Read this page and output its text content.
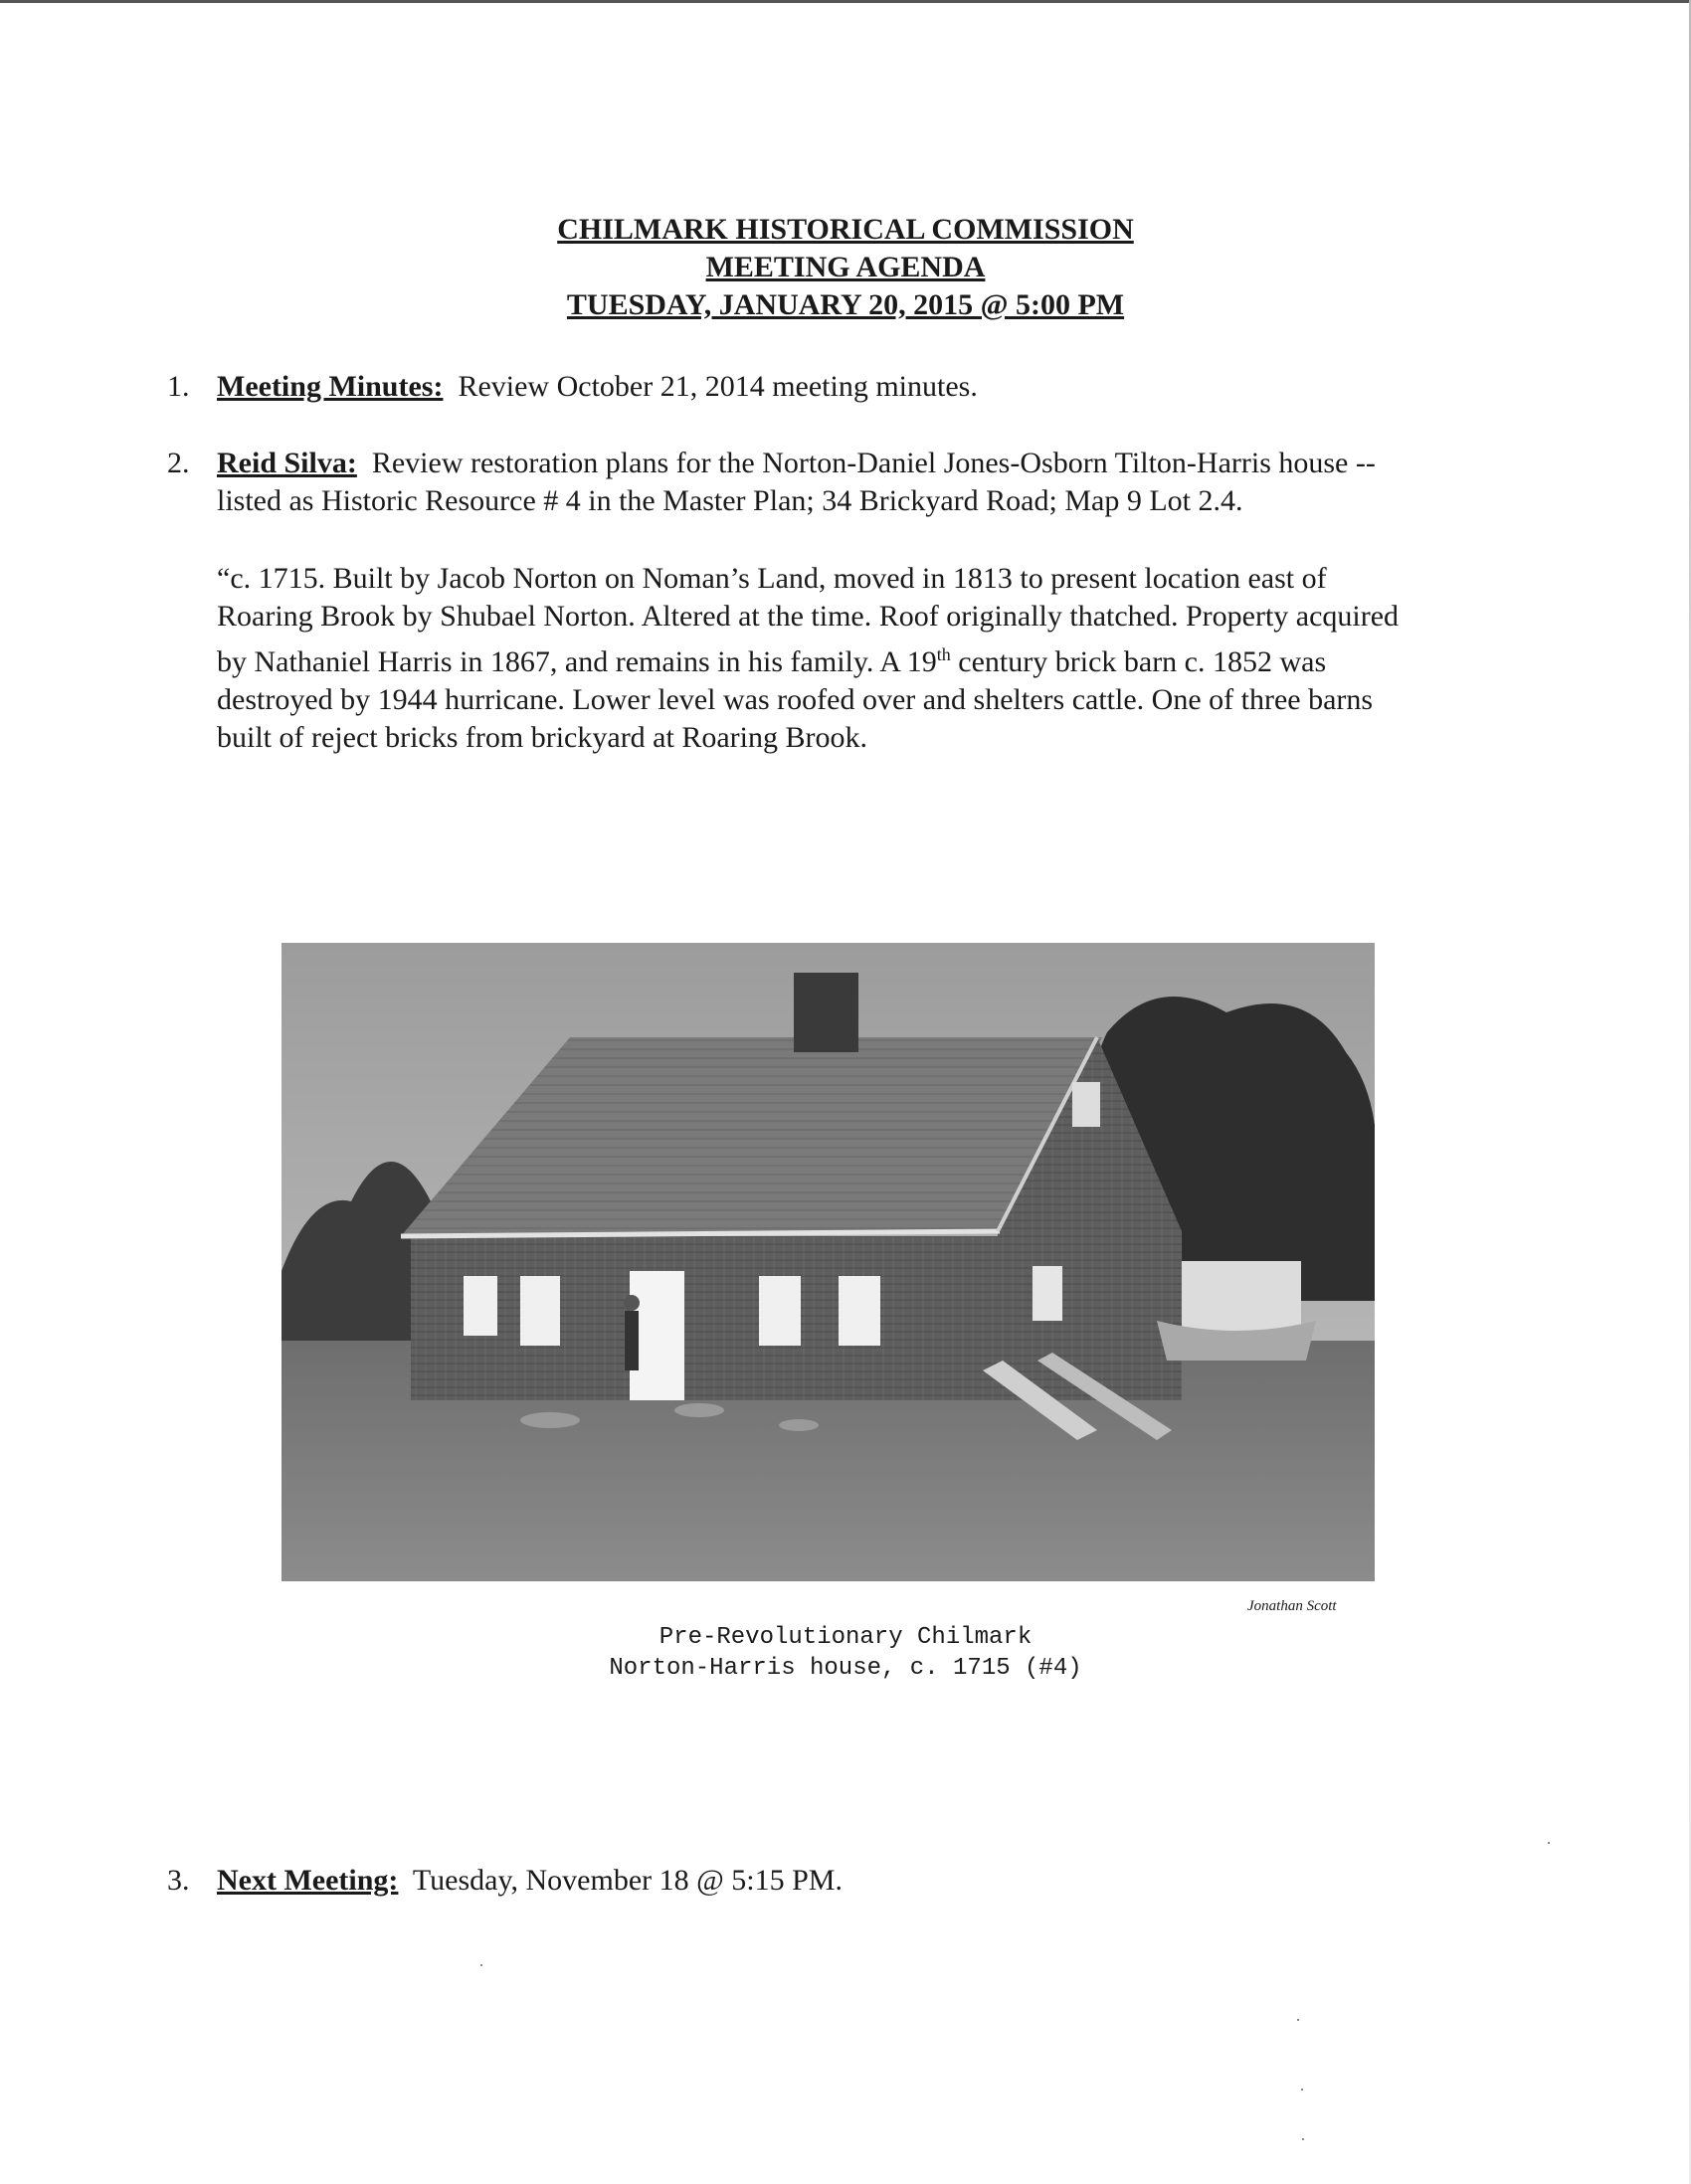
CHILMARK HISTORICAL COMMISSION
MEETING AGENDA
TUESDAY, JANUARY 20, 2015 @ 5:00 PM
1. Meeting Minutes: Review October 21, 2014 meeting minutes.
2. Reid Silva: Review restoration plans for the Norton-Daniel Jones-Osborn Tilton-Harris house --
listed as Historic Resource # 4 in the Master Plan; 34 Brickyard Road; Map 9 Lot 2.4.
“c. 1715. Built by Jacob Norton on Noman’s Land, moved in 1813 to present location east of
Roaring Brook by Shubael Norton. Altered at the time. Roof originally thatched. Property acquired
by Nathaniel Harris in 1867, and remains in his family. A 19th century brick barn c. 1852 was
destroyed by 1944 hurricane. Lower level was roofed over and shelters cattle. One of three barns
built of reject bricks from brickyard at Roaring Brook.
Jonathan Scott
Pre-Revolutionary Chilmark
Norton-Harris house, c. 1715 (#4)
3. Next Meeting: Tuesday, November 18 @ 5:15 PM.
